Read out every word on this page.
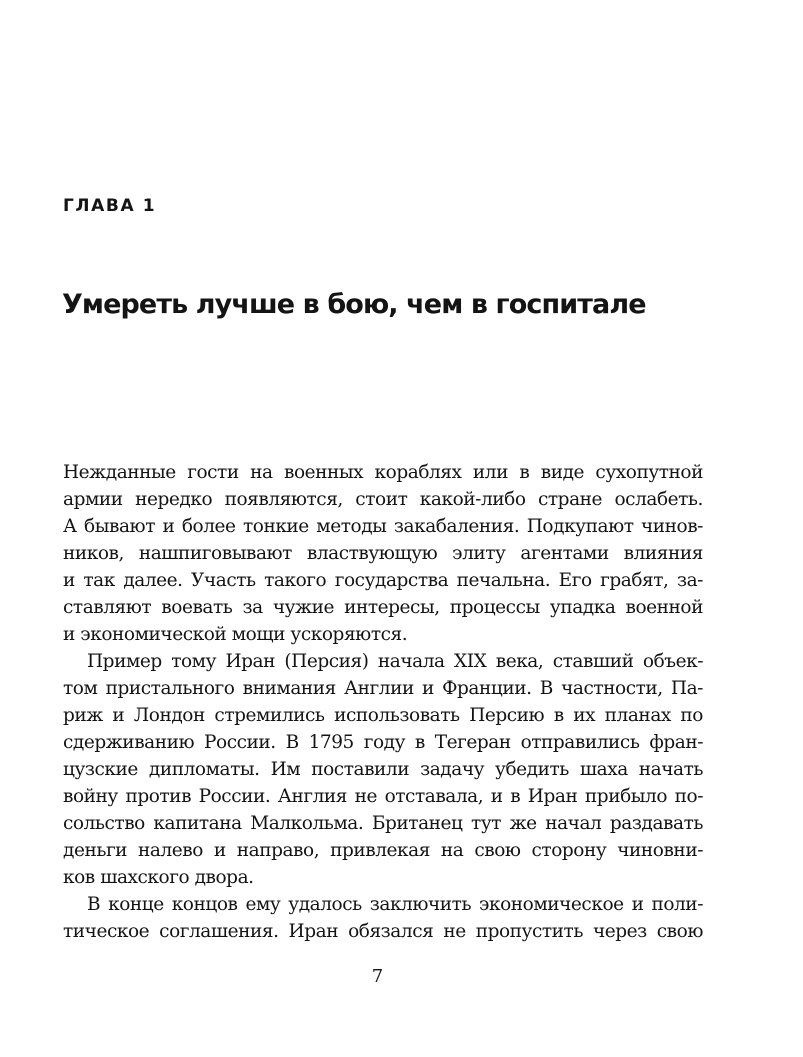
ГЛАВА 1
Умереть лучше в бою, чем в госпитале
Нежданные гости на военных кораблях или в виде сухопутной
армии нередко появляются, стоит какой-либо стране ослабеть.
А бывают и более тонкие методы закабаления. Подкупают чинов-
ников, нашпиговывают властвующую элиту агентами влияния
и так далее. Участь такого государства печальна. Его грабят, за-
ставляют воевать за чужие интересы, процессы упадка военной
и экономической мощи ускоряются.
Пример тому Иран (Персия) начала XIX века, ставший объек-
том пристального внимания Англии и Франции. В частности, Па-
риж и Лондон стремились использовать Персию в их планах по
сдерживанию России. В 1795 году в Тегеран отправились фран-
цузские дипломаты. Им поставили задачу убедить шаха начать
войну против России. Англия не отставала, и в Иран прибыло по-
сольство капитана Малкольма. Британец тут же начал раздавать
деньги налево и направо, привлекая на свою сторону чиновни-
ков шахского двора.
В конце концов ему удалось заключить экономическое и поли-
тическое соглашения. Иран обязался не пропустить через свою
7
